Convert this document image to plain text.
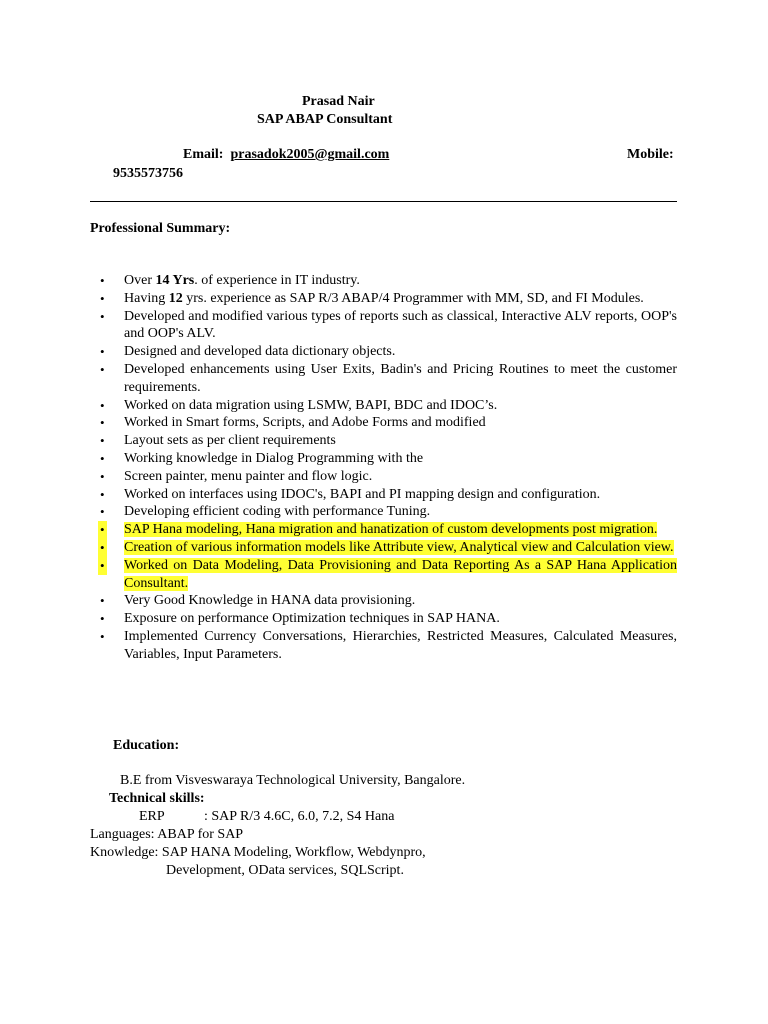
Prasad Nair
SAP ABAP Consultant
Email: prasadok2005@gmail.com	Mobile:
9535573756
Professional Summary:
• Over 14 Yrs. of experience in IT industry.
• Having 12 yrs. experience as SAP R/3 ABAP/4 Programmer with MM, SD, and FI Modules.
• Developed and modified various types of reports such as classical, Interactive ALV reports, OOP's and OOP's ALV.
• Designed and developed data dictionary objects.
• Developed enhancements using User Exits, Badin's and Pricing Routines to meet the customer requirements.
• Worked on data migration using LSMW, BAPI, BDC and IDOC’s.
• Worked in Smart forms, Scripts, and Adobe Forms and modified
• Layout sets as per client requirements
• Working knowledge in Dialog Programming with the
• Screen painter, menu painter and flow logic.
• Worked on interfaces using IDOC's, BAPI and PI mapping design and configuration.
• Developing efficient coding with performance Tuning.
• SAP Hana modeling, Hana migration and hanatization of custom developments post migration.
• Creation of various information models like Attribute view, Analytical view and Calculation view.
• Worked on Data Modeling, Data Provisioning and Data Reporting As a SAP Hana Application Consultant.
• Very Good Knowledge in HANA data provisioning.
• Exposure on performance Optimization techniques in SAP HANA.
• Implemented Currency Conversations, Hierarchies, Restricted Measures, Calculated Measures, Variables, Input Parameters.
Education:
B.E from Visveswaraya Technological University, Bangalore.
Technical skills:
ERP	: SAP R/3 4.6C, 6.0, 7.2, S4 Hana
Languages: ABAP for SAP
Knowledge: SAP HANA Modeling, Workflow, Webdynpro,
Development, OData services, SQLScript.
